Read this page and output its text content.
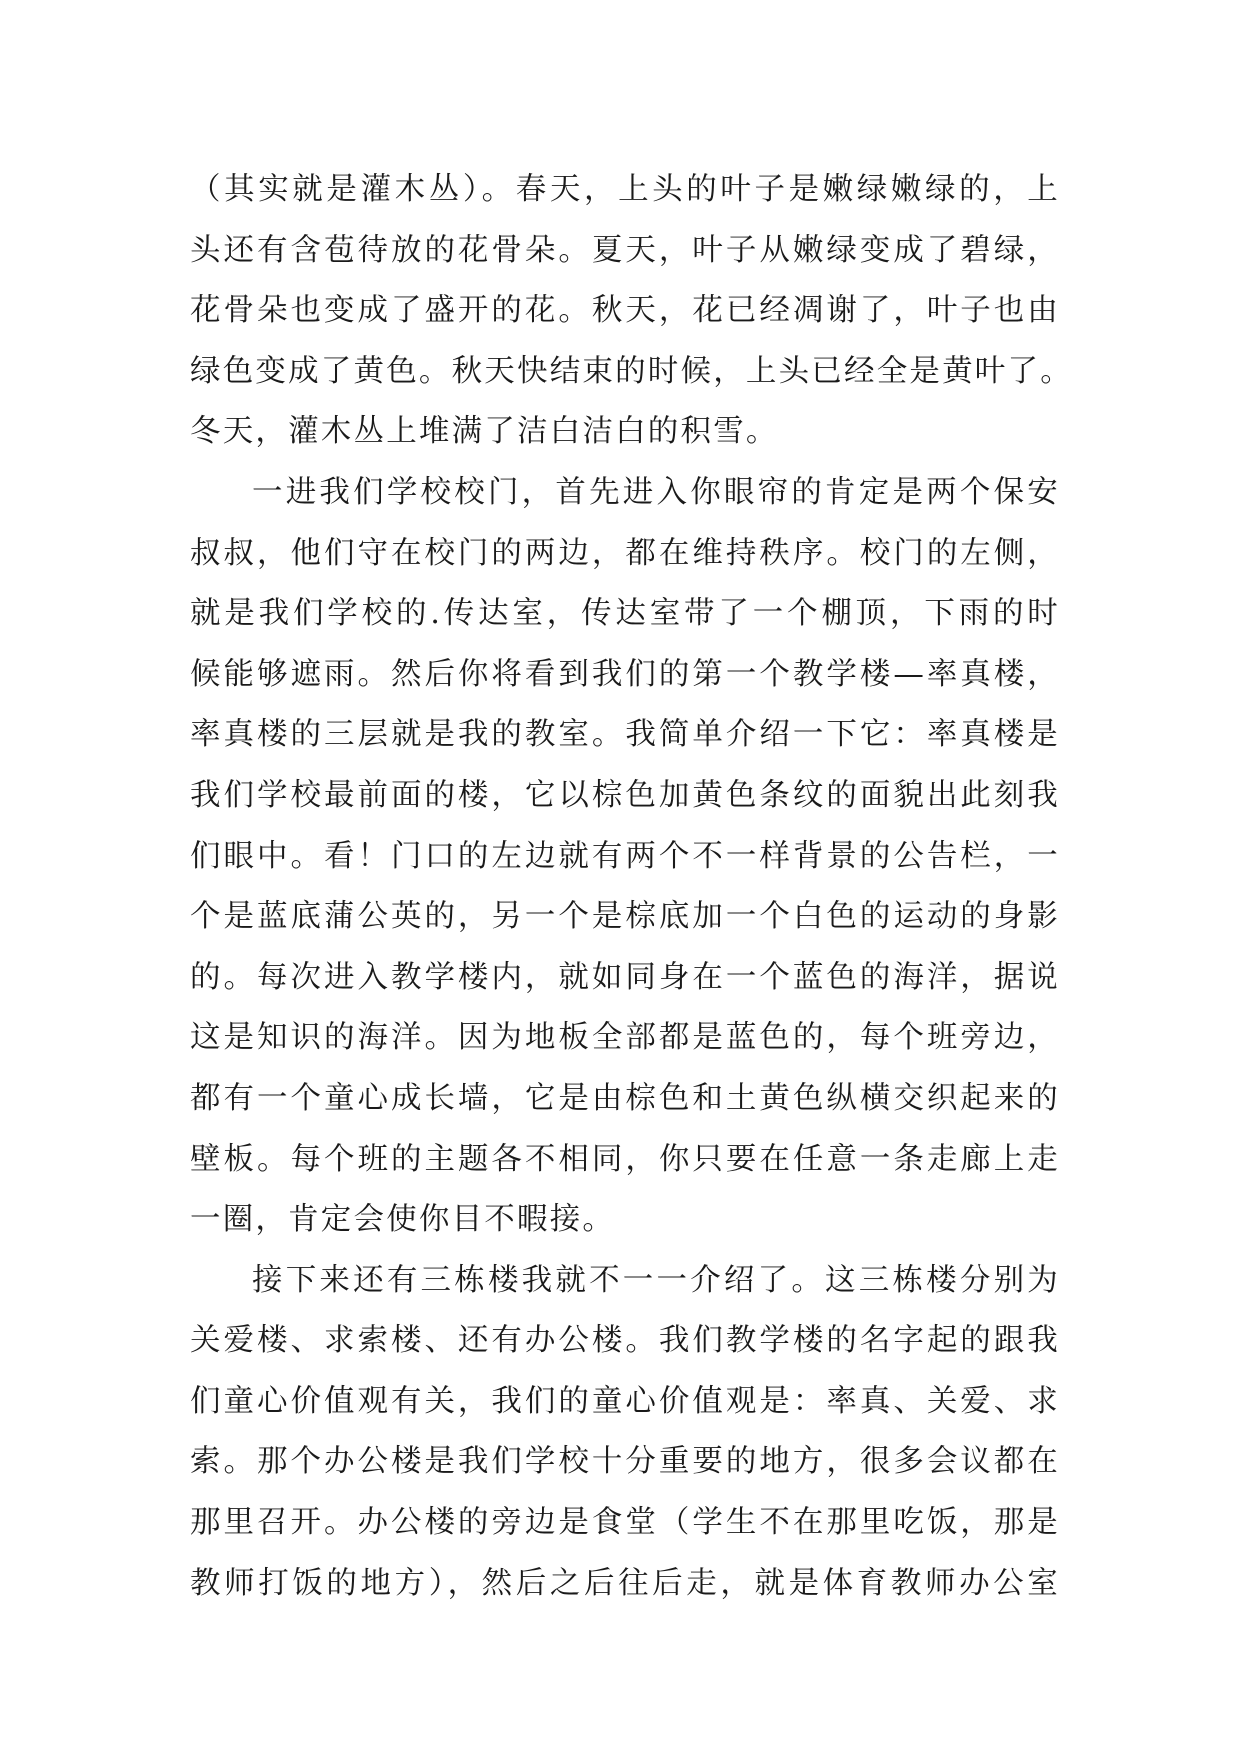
（其实就是灌木丛）。春天，上头的叶子是嫩绿嫩绿的，上
头还有含苞待放的花骨朵。夏天，叶子从嫩绿变成了碧绿，
花骨朵也变成了盛开的花。秋天，花已经凋谢了，叶子也由
绿色变成了黄色。秋天快结束的时候，上头已经全是黄叶了。
冬天，灌木丛上堆满了洁白洁白的积雪。
一进我们学校校门，首先进入你眼帘的肯定是两个保安
叔叔，他们守在校门的两边，都在维持秩序。校门的左侧，
就是我们学校的.传达室，传达室带了一个棚顶，下雨的时
候能够遮雨。然后你将看到我们的第一个教学楼—率真楼，
率真楼的三层就是我的教室。我简单介绍一下它：率真楼是
我们学校最前面的楼，它以棕色加黄色条纹的面貌出此刻我
们眼中。看！门口的左边就有两个不一样背景的公告栏，一
个是蓝底蒲公英的，另一个是棕底加一个白色的运动的身影
的。每次进入教学楼内，就如同身在一个蓝色的海洋，据说
这是知识的海洋。因为地板全部都是蓝色的，每个班旁边，
都有一个童心成长墙，它是由棕色和土黄色纵横交织起来的
壁板。每个班的主题各不相同，你只要在任意一条走廊上走
一圈，肯定会使你目不暇接。
接下来还有三栋楼我就不一一介绍了。这三栋楼分别为
关爱楼、求索楼、还有办公楼。我们教学楼的名字起的跟我
们童心价值观有关，我们的童心价值观是：率真、关爱、求
索。那个办公楼是我们学校十分重要的地方，很多会议都在
那里召开。办公楼的旁边是食堂（学生不在那里吃饭，那是
教师打饭的地方），然后之后往后走，就是体育教师办公室
